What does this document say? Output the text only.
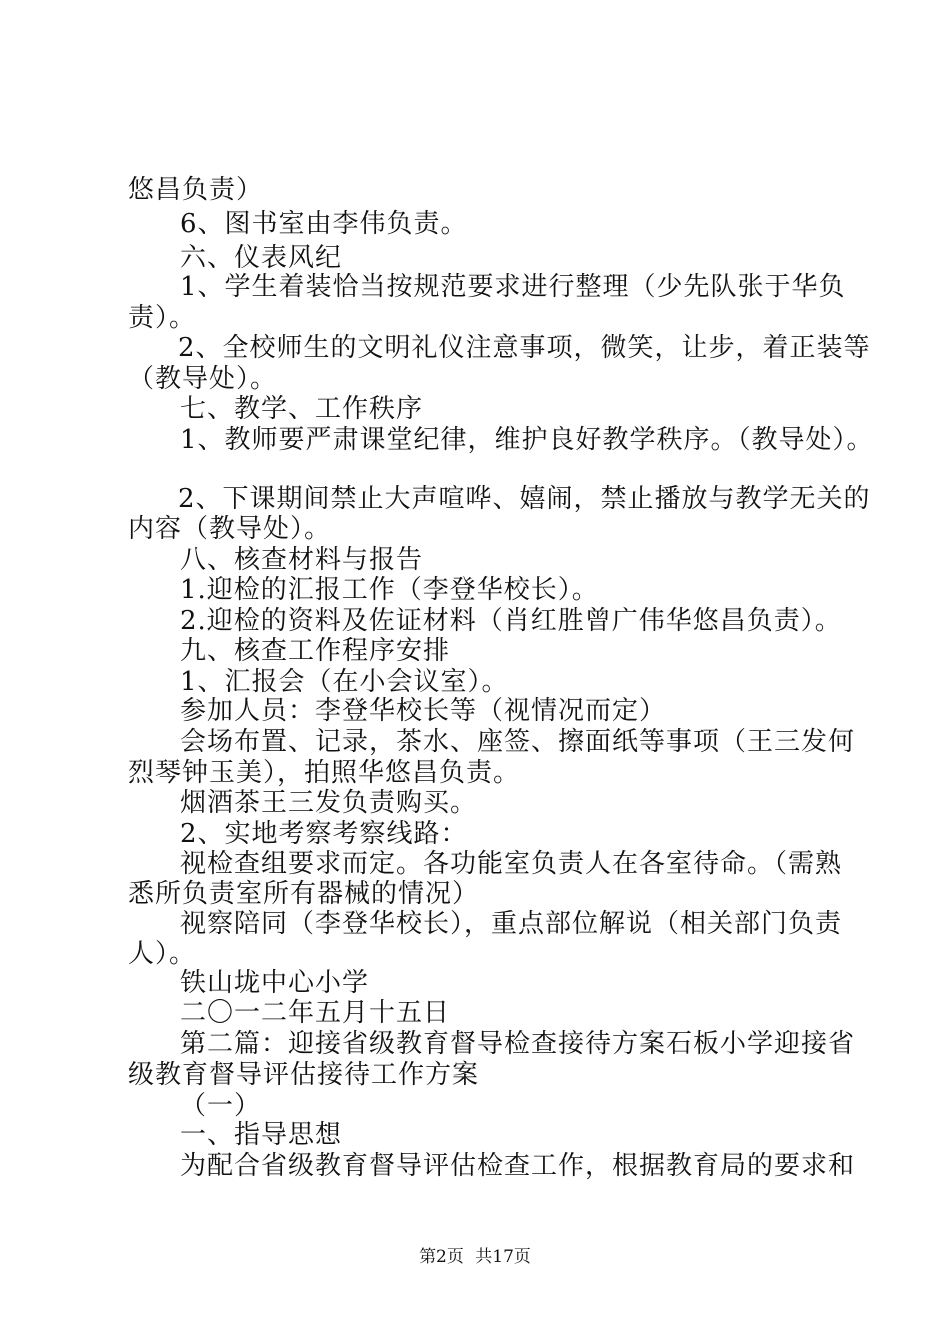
悠昌负责）
6、图书室由李伟负责。
六、仪表风纪
1、学生着装恰当按规范要求进行整理（少先队张于华负
责）。
2、全校师生的文明礼仪注意事项，微笑，让步，着正装等
（教导处）。
七、教学、工作秩序
1、教师要严肃课堂纪律，维护良好教学秩序。（教导处）。
2、下课期间禁止大声喧哗、嬉闹，禁止播放与教学无关的
内容（教导处）。
八、核查材料与报告
1.迎检的汇报工作（李登华校长）。
2.迎检的资料及佐证材料（肖红胜曾广伟华悠昌负责）。
九、核查工作程序安排
1、汇报会（在小会议室）。
参加人员：李登华校长等（视情况而定）
会场布置、记录，茶水、座签、擦面纸等事项（王三发何
烈琴钟玉美），拍照华悠昌负责。
烟酒茶王三发负责购买。
2、实地考察考察线路：
视检查组要求而定。各功能室负责人在各室待命。（需熟
悉所负责室所有器械的情况）
视察陪同（李登华校长），重点部位解说（相关部门负责
人）。
铁山垅中心小学
二〇一二年五月十五日
第二篇：迎接省级教育督导检查接待方案石板小学迎接省
级教育督导评估接待工作方案
（一）
一、指导思想
为配合省级教育督导评估检查工作，根据教育局的要求和
第2页 共17页
